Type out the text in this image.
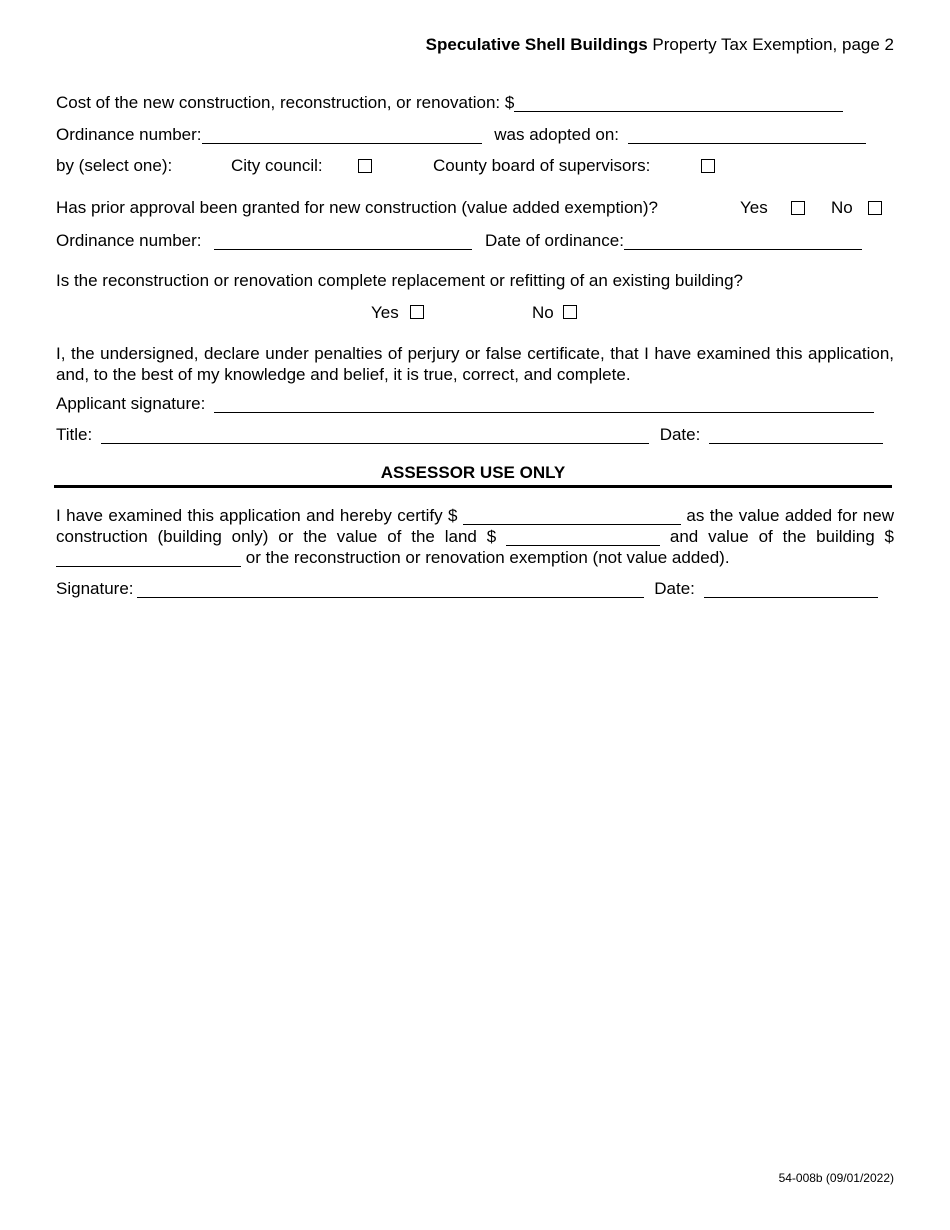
Speculative Shell Buildings Property Tax Exemption, page 2
Cost of the new construction, reconstruction, or renovation: $
Ordinance number:	was adopted on:
by (select one):	City council:	County board of supervisors:
Has prior approval been granted for new construction (value added exemption)?	Yes	No
Ordinance number:	Date of ordinance:
Is the reconstruction or renovation complete replacement or refitting of an existing building?
Yes	No
I, the undersigned, declare under penalties of perjury or false certificate, that I have examined this application, and, to the best of my knowledge and belief, it is true, correct, and complete.
Applicant signature:
Title:	Date:
ASSESSOR USE ONLY
I have examined this application and hereby certify $	as the value added for new construction (building only) or the value of the land $	and value of the building $  or the reconstruction or renovation exemption (not value added).
Signature:	Date:
54-008b (09/01/2022)
